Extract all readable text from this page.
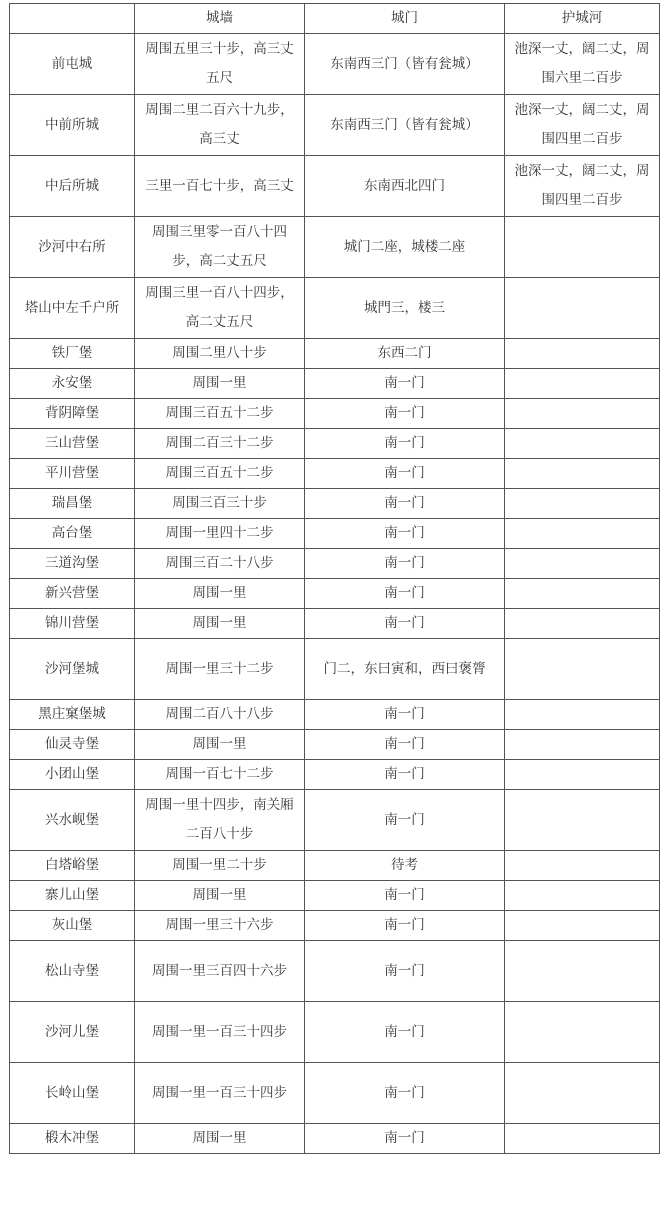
	城墙	城门	护城河
前屯城	周围五里三十步，高三丈五尺	东南西三门（皆有瓮城）	池深一丈，阔二丈，周围六里二百步
中前所城	周围二里二百六十九步，高三丈	东南西三门（皆有瓮城）	池深一丈，阔二丈，周围四里二百步
中后所城	三里一百七十步，高三丈	东南西北四门	池深一丈，阔二丈，周围四里二百步
沙河中右所	周围三里零一百八十四步，高二丈五尺	城门二座，城楼二座	
塔山中左千户所	周围三里一百八十四步，高二丈五尺	城門三，楼三	
铁厂堡	周围二里八十步	东西二门	
永安堡	周围一里	南一门	
背阴障堡	周围三百五十二步	南一门	
三山营堡	周围二百三十二步	南一门	
平川营堡	周围三百五十二步	南一门	
瑞昌堡	周围三百三十步	南一门	
高台堡	周围一里四十二步	南一门	
三道沟堡	周围三百二十八步	南一门	
新兴营堡	周围一里	南一门	
锦川营堡	周围一里	南一门	
沙河堡城	周围一里三十二步	门二，东曰寅和，西曰褒膂	
黑庄窠堡城	周围二百八十八步	南一门	
仙灵寺堡	周围一里	南一门	
小团山堡	周围一百七十二步	南一门	
兴水岘堡	周围一里十四步，南关厢二百八十步	南一门	
白塔峪堡	周围一里二十步	待考	
寨儿山堡	周围一里	南一门	
灰山堡	周围一里三十六步	南一门	
松山寺堡	周围一里三百四十六步	南一门	
沙河儿堡	周围一里一百三十四步	南一门	
长岭山堡	周围一里一百三十四步	南一门	
椴木冲堡	周围一里	南一门	
